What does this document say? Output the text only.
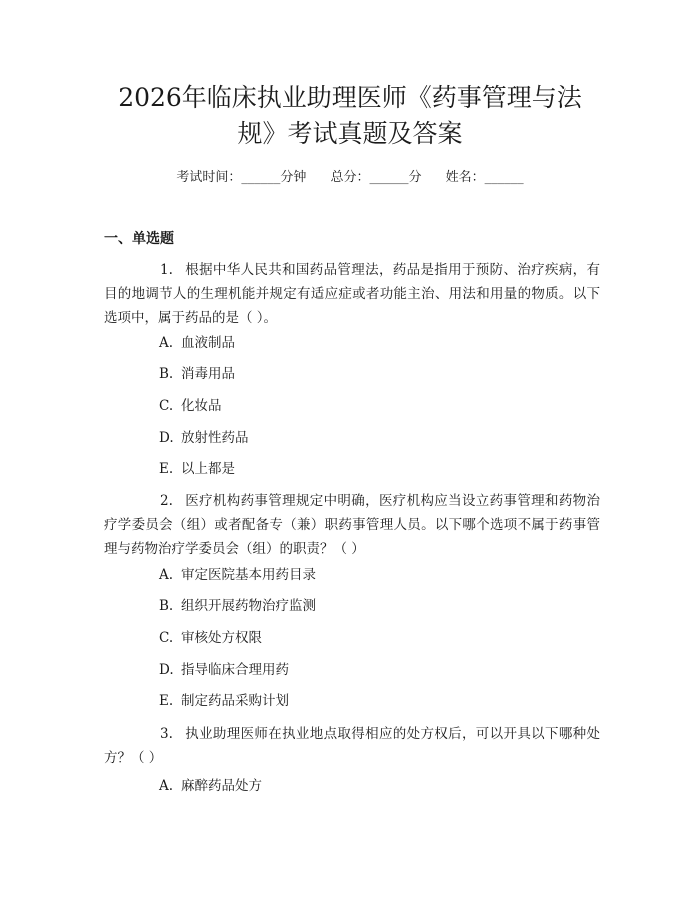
2026年临床执业助理医师《药事管理与法规》考试真题及答案
考试时间：______分钟 总分：______分 姓名：______
一、单选题

1. 根据中华人民共和国药品管理法，药品是指用于预防、治疗疾病，有目的地调节人的生理机能并规定有适应症或者功能主治、用法和用量的物质。以下选项中，属于药品的是（ ）。

A. 血液制品
B. 消毒用品
C. 化妆品
D. 放射性药品
E. 以上都是

2. 医疗机构药事管理规定中明确，医疗机构应当设立药事管理和药物治疗学委员会（组）或者配备专（兼）职药事管理人员。以下哪个选项不属于药事管理与药物治疗学委员会（组）的职责？（ ）

A. 审定医院基本用药目录
B. 组织开展药物治疗监测
C. 审核处方权限
D. 指导临床合理用药
E. 制定药品采购计划

3. 执业助理医师在执业地点取得相应的处方权后，可以开具以下哪种处方？（ ）

A. 麻醉药品处方
